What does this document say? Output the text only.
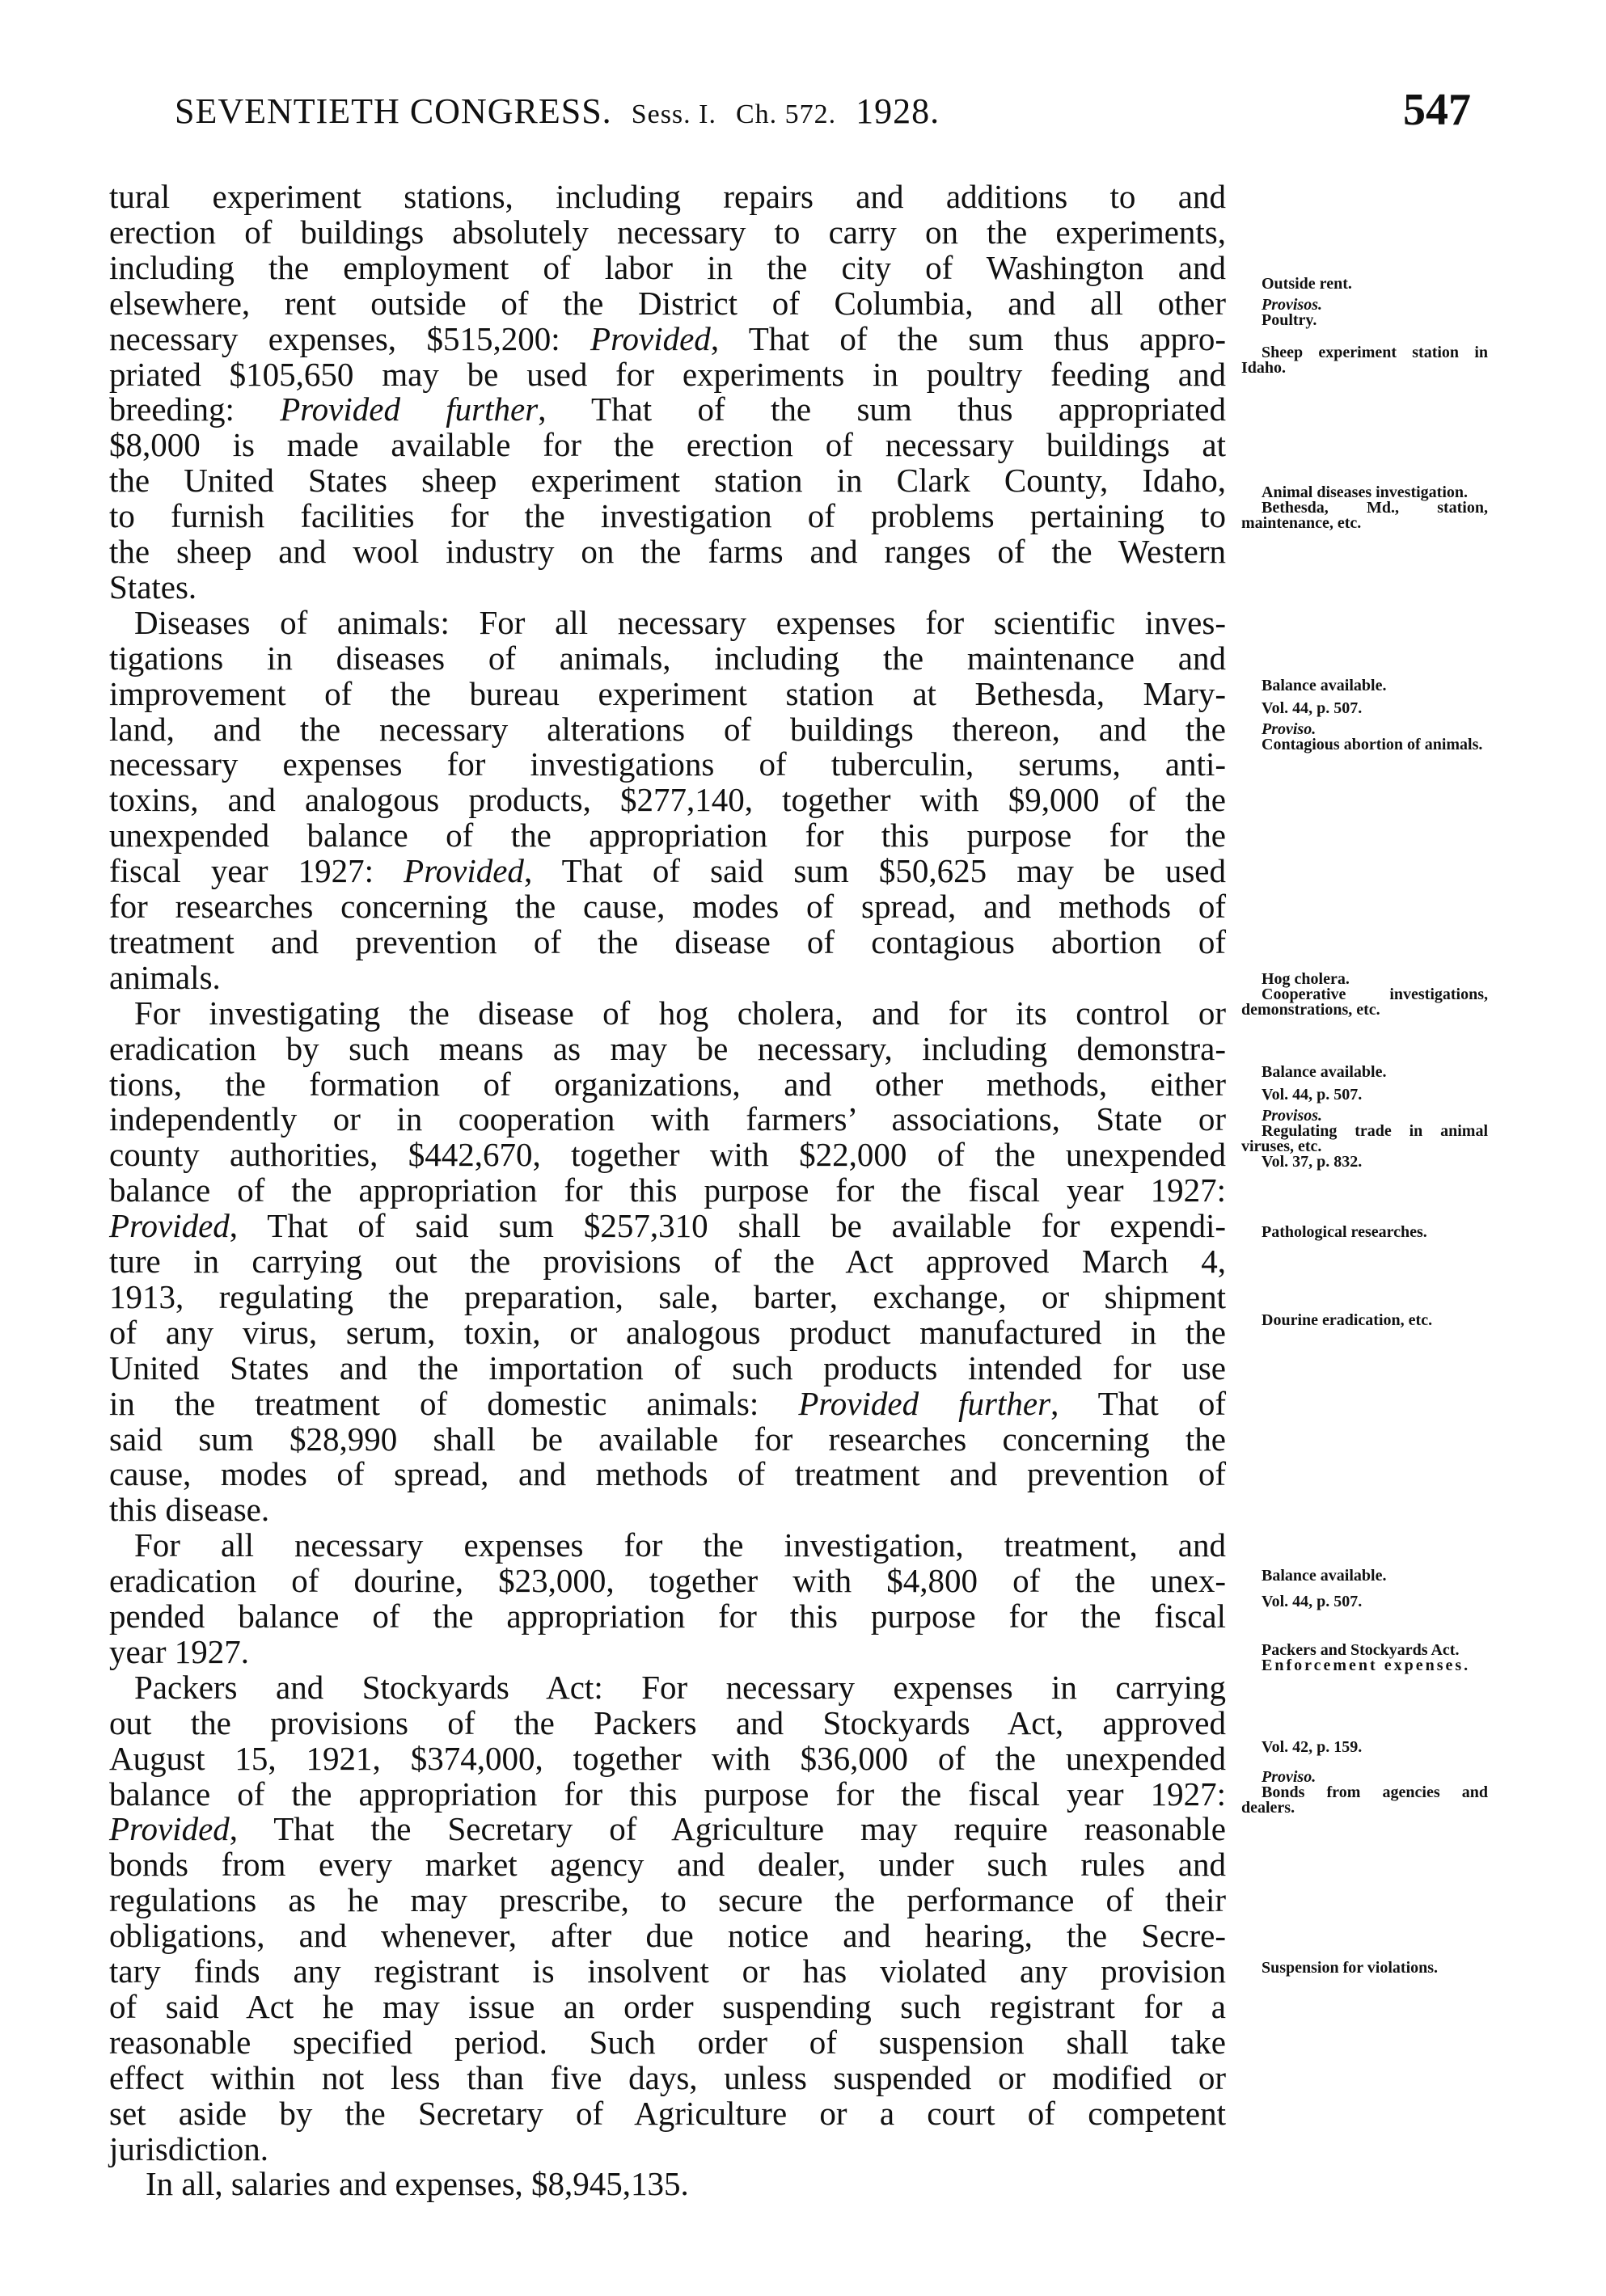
SEVENTIETH CONGRESS. Sess. I. Ch. 572. 1928.	547
tural experiment stations, including repairs and additions to and
erection of buildings absolutely necessary to carry on the experiments,
including the employment of labor in the city of Washington and
elsewhere, rent outside of the District of Columbia, and all other
necessary expenses, $515,200: Provided, That of the sum thus appro-
priated $105,650 may be used for experiments in poultry feeding and
breeding: Provided further, That of the sum thus appropriated
$8,000 is made available for the erection of necessary buildings at
the United States sheep experiment station in Clark County, Idaho,
to furnish facilities for the investigation of problems pertaining to
the sheep and wool industry on the farms and ranges of the Western
States.
Diseases of animals: For all necessary expenses for scientific inves-
tigations in diseases of animals, including the maintenance and
improvement of the bureau experiment station at Bethesda, Mary-
land, and the necessary alterations of buildings thereon, and the
necessary expenses for investigations of tuberculin, serums, anti-
toxins, and analogous products, $277,140, together with $9,000 of the
unexpended balance of the appropriation for this purpose for the
fiscal year 1927: Provided, That of said sum $50,625 may be used
for researches concerning the cause, modes of spread, and methods of
treatment and prevention of the disease of contagious abortion of
animals.
For investigating the disease of hog cholera, and for its control or
eradication by such means as may be necessary, including demonstra-
tions, the formation of organizations, and other methods, either
independently or in cooperation with farmers’ associations, State or
county authorities, $442,670, together with $22,000 of the unexpended
balance of the appropriation for this purpose for the fiscal year 1927:
Provided, That of said sum $257,310 shall be available for expendi-
ture in carrying out the provisions of the Act approved March 4,
1913, regulating the preparation, sale, barter, exchange, or shipment
of any virus, serum, toxin, or analogous product manufactured in the
United States and the importation of such products intended for use
in the treatment of domestic animals: Provided further, That of
said sum $28,990 shall be available for researches concerning the
cause, modes of spread, and methods of treatment and prevention of
this disease.
For all necessary expenses for the investigation, treatment, and
eradication of dourine, $23,000, together with $4,800 of the unex-
pended balance of the appropriation for this purpose for the fiscal
year 1927.
Packers and Stockyards Act: For necessary expenses in carrying
out the provisions of the Packers and Stockyards Act, approved
August 15, 1921, $374,000, together with $36,000 of the unexpended
balance of the appropriation for this purpose for the fiscal year 1927:
Provided, That the Secretary of Agriculture may require reasonable
bonds from every market agency and dealer, under such rules and
regulations as he may prescribe, to secure the performance of their
obligations, and whenever, after due notice and hearing, the Secre-
tary finds any registrant is insolvent or has violated any provision
of said Act he may issue an order suspending such registrant for a
reasonable specified period. Such order of suspension shall take
effect within not less than five days, unless suspended or modified or
set aside by the Secretary of Agriculture or a court of competent
jurisdiction.
In all, salaries and expenses, $8,945,135.
Outside rent.
Provisos.
Poultry.
Sheep experiment station in Idaho.
Animal diseases investigation.
Bethesda, Md., station, maintenance, etc.
Balance available.
Vol. 44, p. 507.
Proviso.
Contagious abortion of animals.
Hog cholera.
Cooperative investigations, demonstrations, etc.
Balance available.
Vol. 44, p. 507.
Provisos.
Regulating trade in animal viruses, etc.
Vol. 37, p. 832.
Pathological researches.
Dourine eradication, etc.
Balance available.
Vol. 44, p. 507.
Packers and Stockyards Act.
Enforcement expenses.
Vol. 42, p. 159.
Proviso.
Bonds from agencies and dealers.
Suspension for violations.
